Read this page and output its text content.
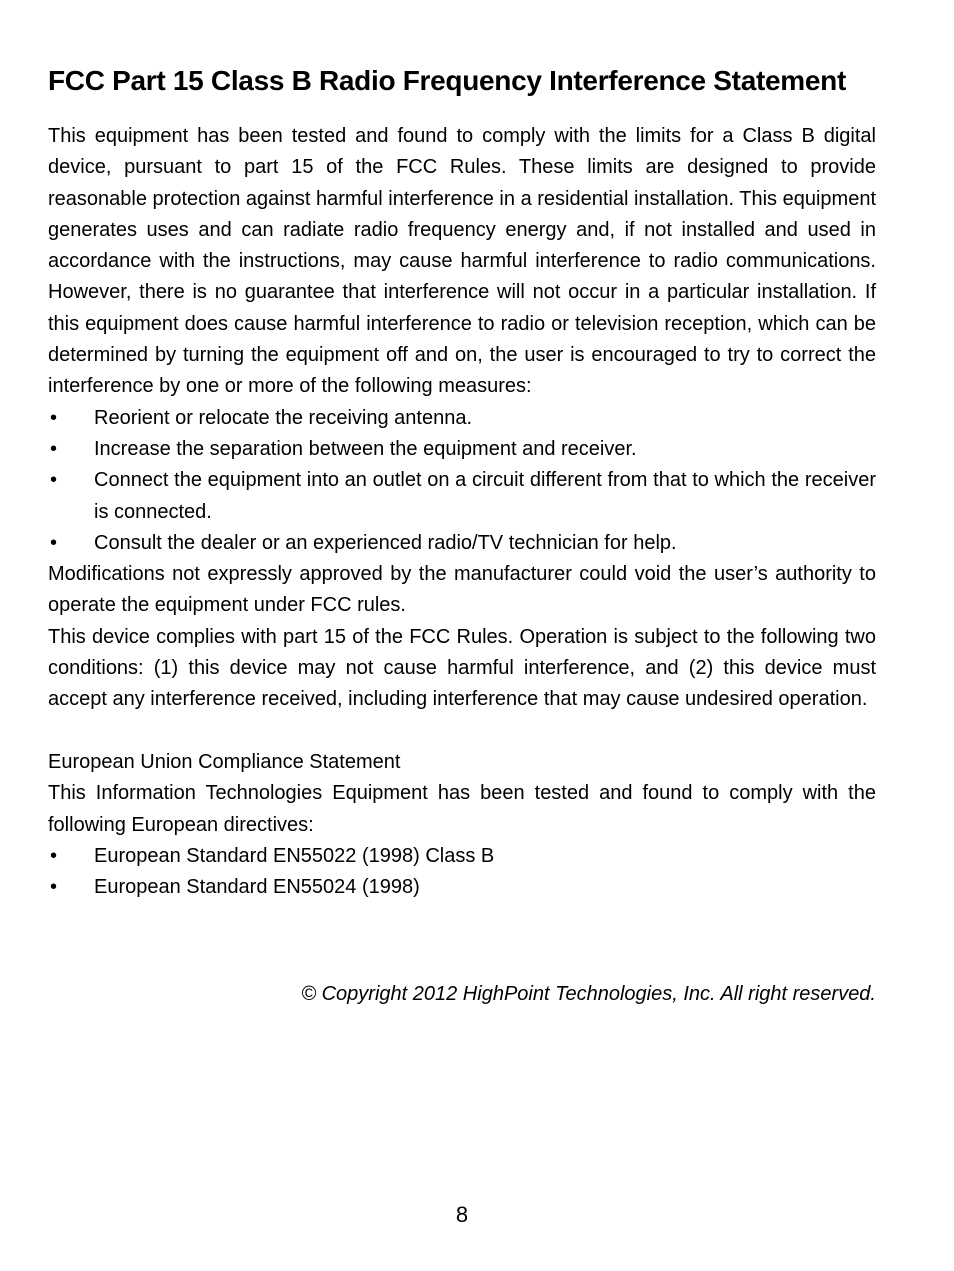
FCC Part 15 Class B Radio Frequency Interference Statement

This equipment has been tested and found to comply with the limits for a Class B digital device, pursuant to part 15 of the FCC Rules. These limits are designed to provide reasonable protection against harmful interference in a residential installation. This equipment generates uses and can radiate radio frequency energy and, if not installed and used in accordance with the instructions, may cause harmful interference to radio communications. However, there is no guarantee that interference will not occur in a particular installation. If this equipment does cause harmful interference to radio or television reception, which can be determined by turning the equipment off and on, the user is encouraged to try to correct the interference by one or more of the following measures:

• Reorient or relocate the receiving antenna.
• Increase the separation between the equipment and receiver.
• Connect the equipment into an outlet on a circuit different from that to which the receiver is connected.
• Consult the dealer or an experienced radio/TV technician for help.

Modifications not expressly approved by the manufacturer could void the user’s authority to operate the equipment under FCC rules.

This device complies with part 15 of the FCC Rules. Operation is subject to the following two conditions: (1) this device may not cause harmful interference, and (2) this device must accept any interference received, including interference that may cause undesired operation.

European Union Compliance Statement

This Information Technologies Equipment has been tested and found to comply with the following European directives:

• European Standard EN55022 (1998) Class B
• European Standard EN55024 (1998)

© Copyright 2012 HighPoint Technologies, Inc. All right reserved.

8
